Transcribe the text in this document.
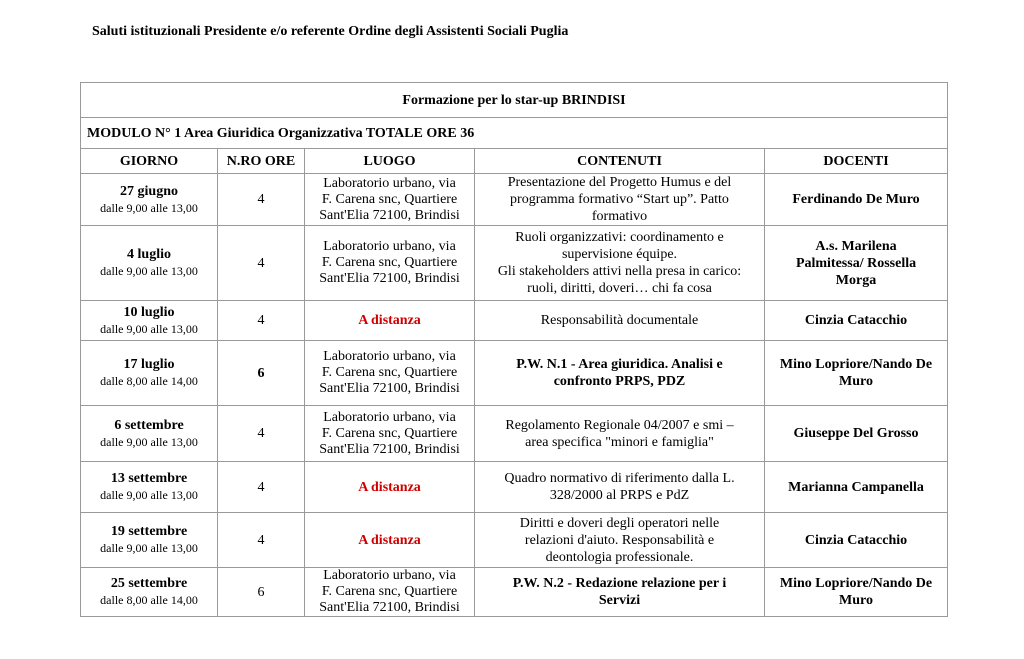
Saluti istituzionali Presidente e/o referente Ordine degli Assistenti Sociali Puglia
Formazione per lo star-up BRINDISI				
MODULO N° 1 Area Giuridica Organizzativa TOTALE ORE 36				
GIORNO	N.RO ORE	LUOGO	CONTENUTI	DOCENTI

27 giugno
dalle 9,00 alle 13,00	4	Laboratorio urbano, via
F. Carena snc, Quartiere
Sant'Elia 72100, Brindisi	Presentazione del Progetto Humus e del
programma formativo “Start up”. Patto
formativo	Ferdinando De Muro

4 luglio
dalle 9,00 alle 13,00	4	Laboratorio urbano, via
F. Carena snc, Quartiere
Sant'Elia 72100, Brindisi	Ruoli organizzativi: coordinamento e
supervisione équipe.
Gli stakeholders attivi nella presa in carico:
ruoli, diritti, doveri… chi fa cosa	A.s. Marilena
Palmitessa/ Rossella
Morga

10 luglio
dalle 9,00 alle 13,00	4	A distanza	Responsabilità documentale	Cinzia Catacchio

17 luglio
dalle 8,00 alle 14,00	6	Laboratorio urbano, via
F. Carena snc, Quartiere
Sant'Elia 72100, Brindisi	P.W. N.1 - Area giuridica. Analisi e
confronto PRPS, PDZ	Mino Lopriore/Nando De
Muro

6 settembre
dalle 9,00 alle 13,00	4	Laboratorio urbano, via
F. Carena snc, Quartiere
Sant'Elia 72100, Brindisi	Regolamento Regionale 04/2007 e smi –
area specifica "minori e famiglia"	Giuseppe Del Grosso

13 settembre
dalle 9,00 alle 13,00	4	A distanza	Quadro normativo di riferimento dalla L.
328/2000 al PRPS e PdZ	Marianna Campanella

19 settembre
dalle 9,00 alle 13,00	4	A distanza	Diritti e doveri degli operatori nelle
relazioni d'aiuto. Responsabilità e
deontologia professionale.	Cinzia Catacchio

25 settembre
dalle 8,00 alle 14,00	6	Laboratorio urbano, via
F. Carena snc, Quartiere
Sant'Elia 72100, Brindisi	P.W. N.2 - Redazione relazione per i
Servizi	Mino Lopriore/Nando De
Muro
